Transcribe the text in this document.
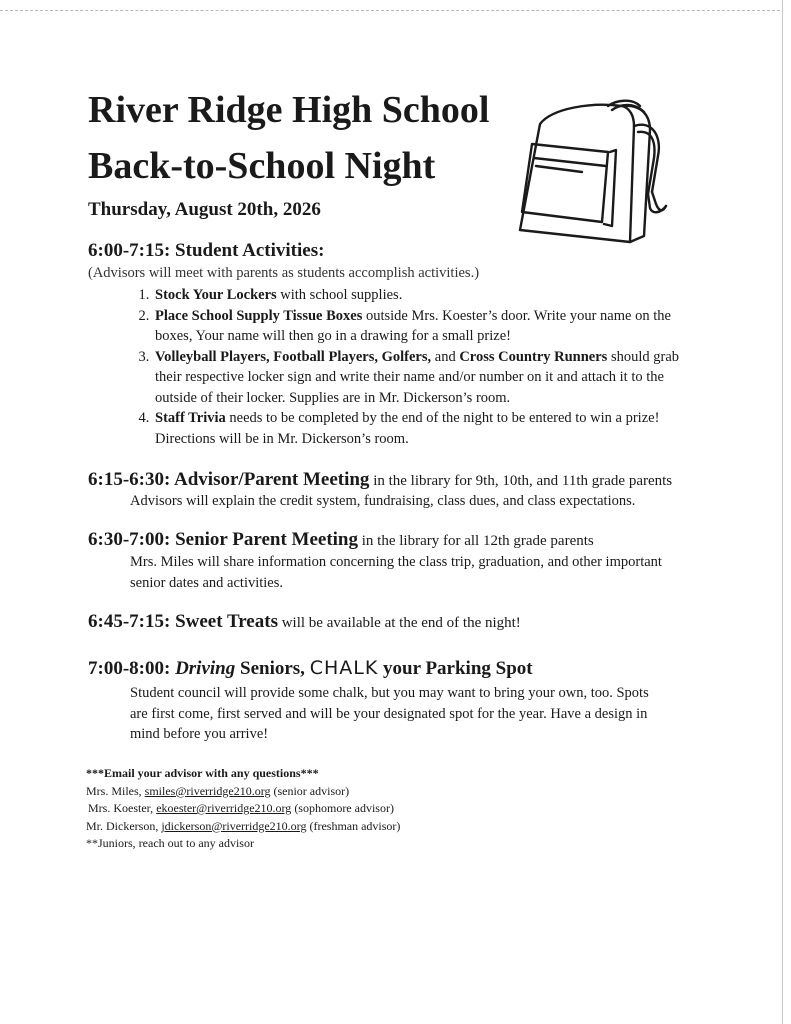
River Ridge High School
Back-to-School Night
Thursday, August 20th, 2026
6:00-7:15: Student Activities:
(Advisors will meet with parents as students accomplish activities.)
1. Stock Your Lockers with school supplies.
2. Place School Supply Tissue Boxes outside Mrs. Koester’s door. Write your name on the boxes, Your name will then go in a drawing for a small prize!
3. Volleyball Players, Football Players, Golfers, and Cross Country Runners should grab their respective locker sign and write their name and/or number on it and attach it to the outside of their locker. Supplies are in Mr. Dickerson’s room.
4. Staff Trivia needs to be completed by the end of the night to be entered to win a prize! Directions will be in Mr. Dickerson’s room.
6:15-6:30: Advisor/Parent Meeting in the library for 9th, 10th, and 11th grade parents
Advisors will explain the credit system, fundraising, class dues, and class expectations.
6:30-7:00: Senior Parent Meeting in the library for all 12th grade parents
Mrs. Miles will share information concerning the class trip, graduation, and other important senior dates and activities.
6:45-7:15: Sweet Treats will be available at the end of the night!
7:00-8:00: Driving Seniors, CHALK your Parking Spot
Student council will provide some chalk, but you may want to bring your own, too. Spots are first come, first served and will be your designated spot for the year. Have a design in mind before you arrive!
***Email your advisor with any questions***
Mrs. Miles, smiles@riverridge210.org (senior advisor)
Mrs. Koester, ekoester@riverridge210.org (sophomore advisor)
Mr. Dickerson, jdickerson@riverridge210.org (freshman advisor)
**Juniors, reach out to any advisor
